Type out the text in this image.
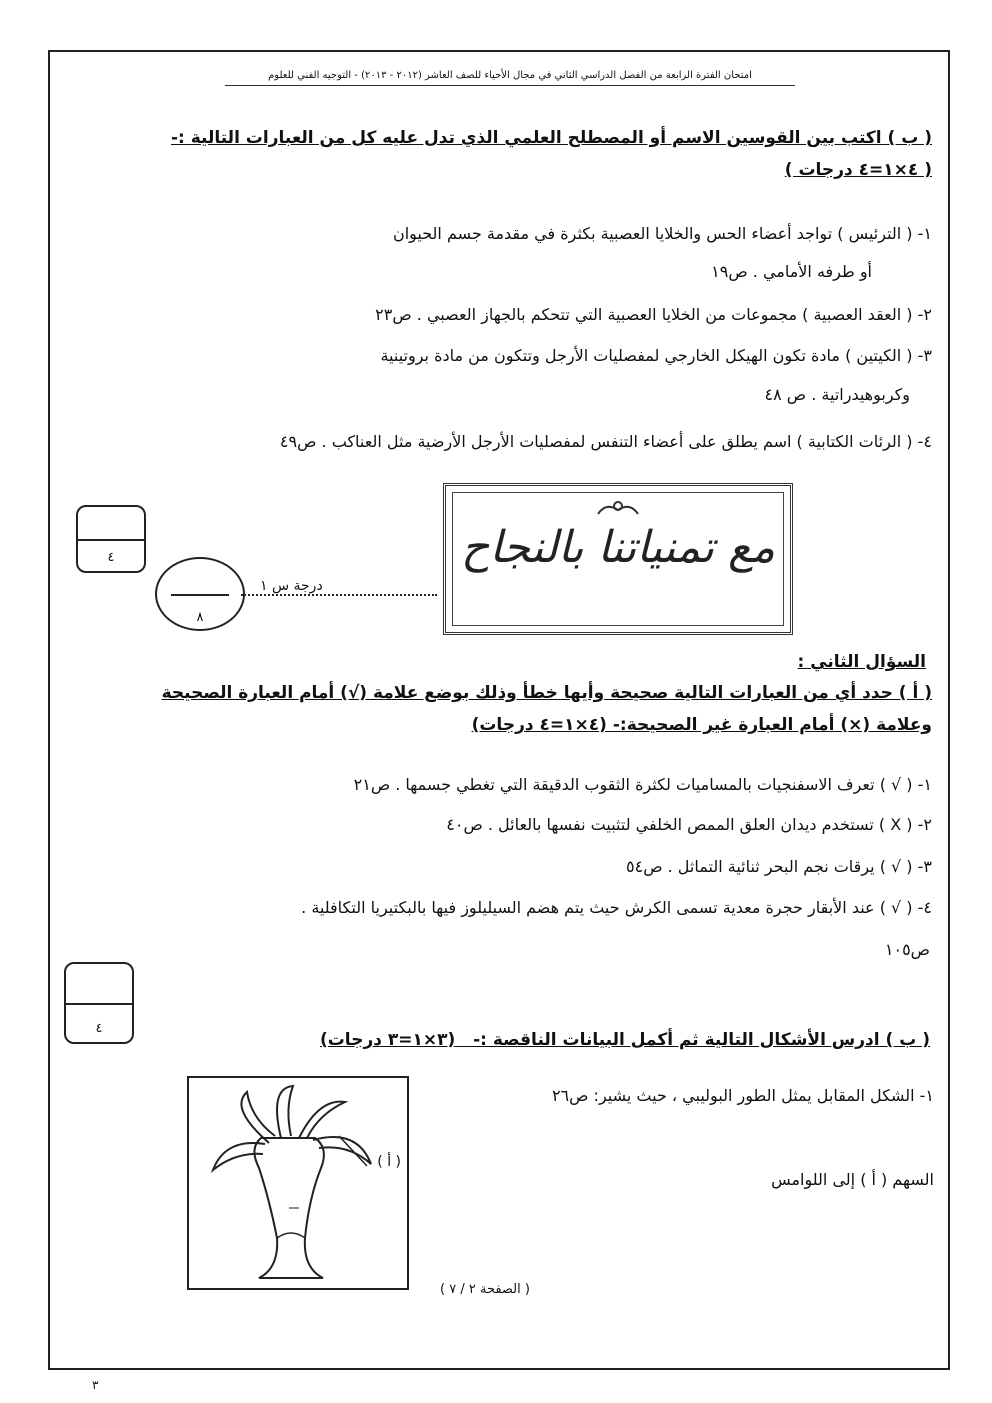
امتحان الفترة الرابعة من الفصل الدراسي الثاني في مجال الأحياء للصف العاشر (٢٠١٢ - ٢٠١٣) - التوجيه الفني للعلوم
( ب ) اكتب بين القوسين الاسم أو المصطلح العلمي الذي تدل عليه كل من العبارات التالية :-
( ٤×١=٤ درجات )
١- ( الترئيس ) تواجد أعضاء الحس والخلايا العصبية بكثرة في مقدمة جسم الحيوان
أو طرفه الأمامي . ص١٩
٢- ( العقد العصبية ) مجموعات من الخلايا العصبية التي تتحكم بالجهاز العصبي . ص٢٣
٣- ( الكيتين ) مادة تكون الهيكل الخارجي لمفصليات الأرجل وتتكون من مادة بروتينية
وكربوهيدراتية . ص ٤٨
٤- ( الرئات الكتابية ) اسم يطلق على أعضاء التنفس لمفصليات الأرجل الأرضية مثل العناكب . ص٤٩
٤
٨
درجة س ١
مع تمنياتنا بالنجاح
السؤال الثاني :
( أ ) حدد أي من العبارات التالية صحيحة وأيها خطأ وذلك بوضع علامة (√) أمام العبارة الصحيحة
وعلامة (×) أمام العبارة غير الصحيحة:- (٤×١=٤ درجات)
١- ( √ ) تعرف الاسفنجيات بالمساميات لكثرة الثقوب الدقيقة التي تغطي جسمها . ص٢١
٢- ( X ) تستخدم ديدان العلق الممص الخلفي لتثبيت نفسها بالعائل . ص٤٠
٣- ( √ ) يرقات نجم البحر ثنائية التماثل . ص٥٤
٤- ( √ ) عند الأبقار حجرة معدية تسمى الكرش حيث يتم هضم السيليلوز فيها بالبكتيريا التكافلية .
ص١٠٥
٤
( ب ) ادرس الأشكال التالية ثم أكمل البيانات الناقصة :-   (٣×١=٣ درجات)
١- الشكل المقابل يمثل الطور البوليبي ، حيث يشير: ص٢٦
السهم ( أ ) إلى اللوامس
( أ )
( الصفحة ٢ / ٧ )
٣
